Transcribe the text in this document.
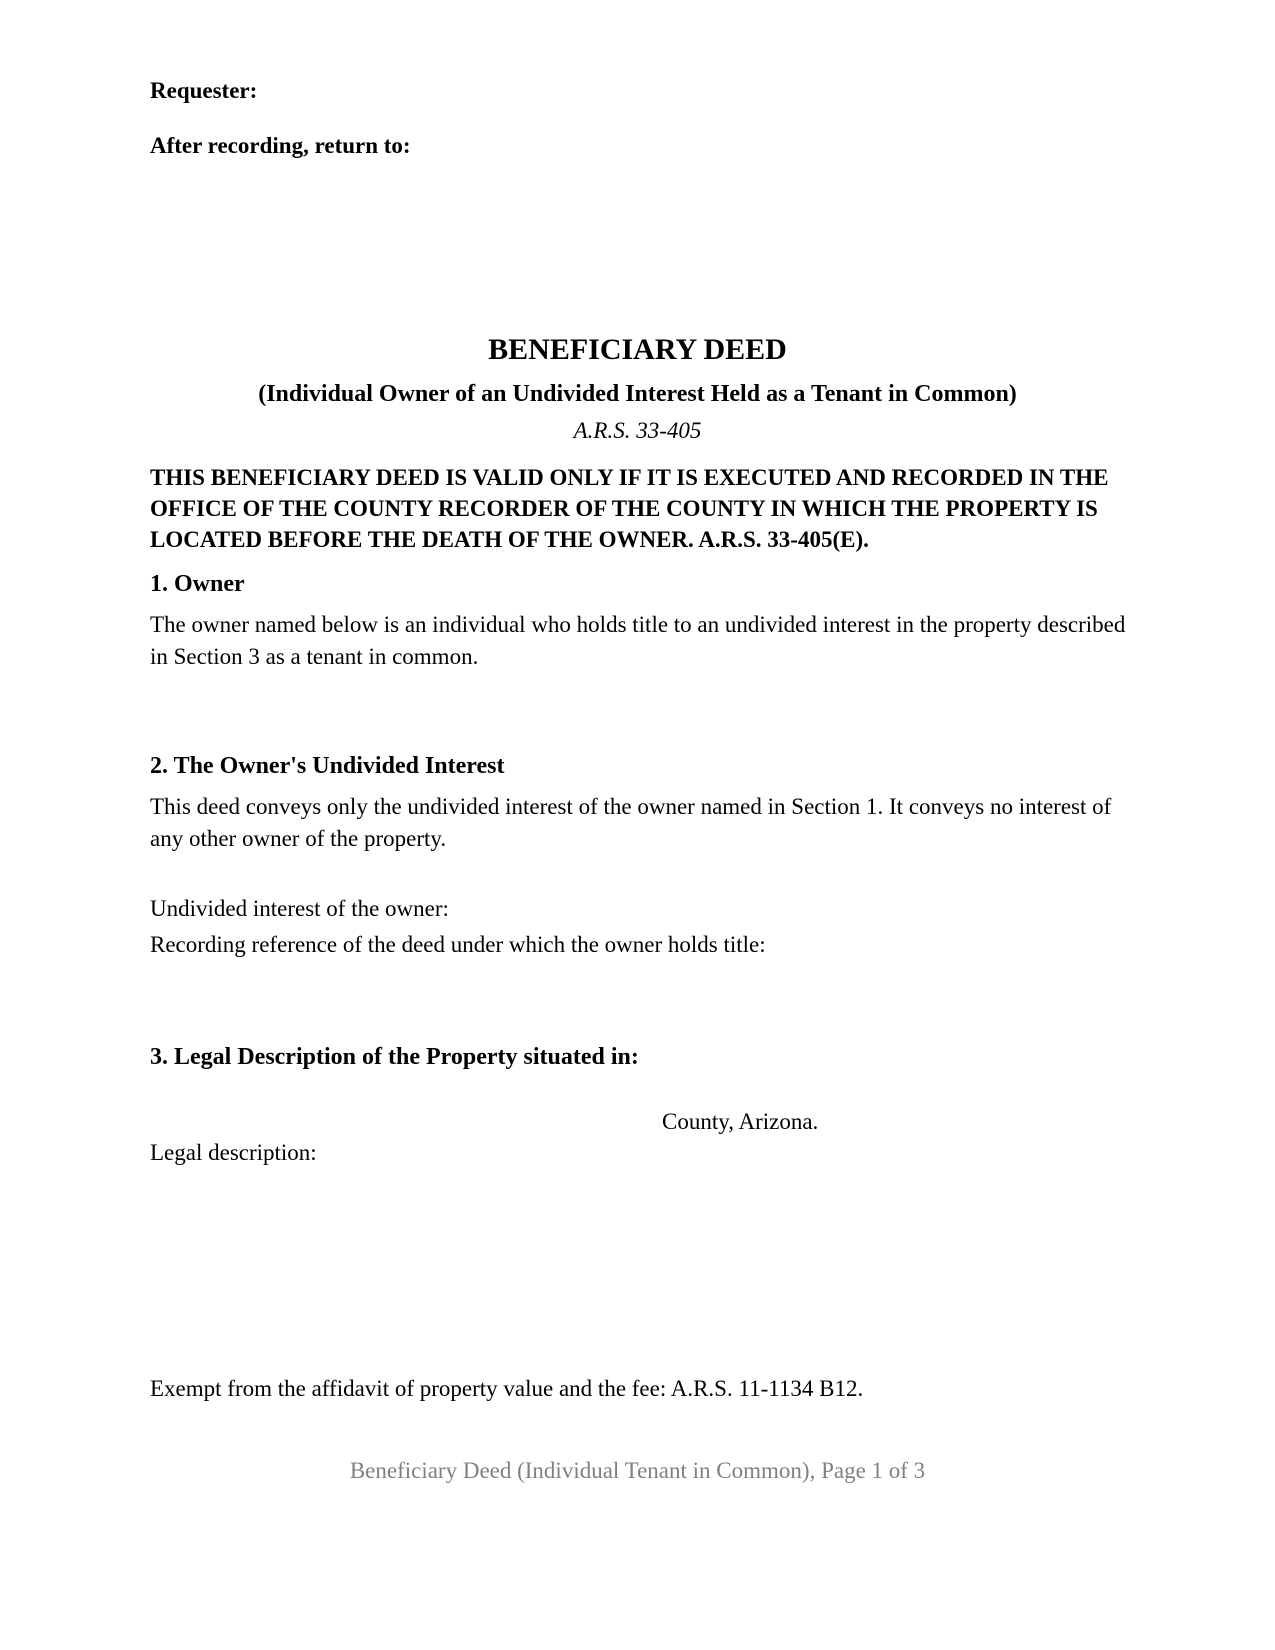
Requester:
After recording, return to:
BENEFICIARY DEED
(Individual Owner of an Undivided Interest Held as a Tenant in Common)
A.R.S. 33-405
THIS BENEFICIARY DEED IS VALID ONLY IF IT IS EXECUTED AND RECORDED IN THE OFFICE OF THE COUNTY RECORDER OF THE COUNTY IN WHICH THE PROPERTY IS LOCATED BEFORE THE DEATH OF THE OWNER. A.R.S. 33-405(E).
1. Owner
The owner named below is an individual who holds title to an undivided interest in the property described in Section 3 as a tenant in common.
2. The Owner's Undivided Interest
This deed conveys only the undivided interest of the owner named in Section 1. It conveys no interest of any other owner of the property.
Undivided interest of the owner:
Recording reference of the deed under which the owner holds title:
3. Legal Description of the Property situated in:
County, Arizona.
Legal description:
Exempt from the affidavit of property value and the fee: A.R.S. 11-1134 B12.
Beneficiary Deed (Individual Tenant in Common), Page 1 of 3
